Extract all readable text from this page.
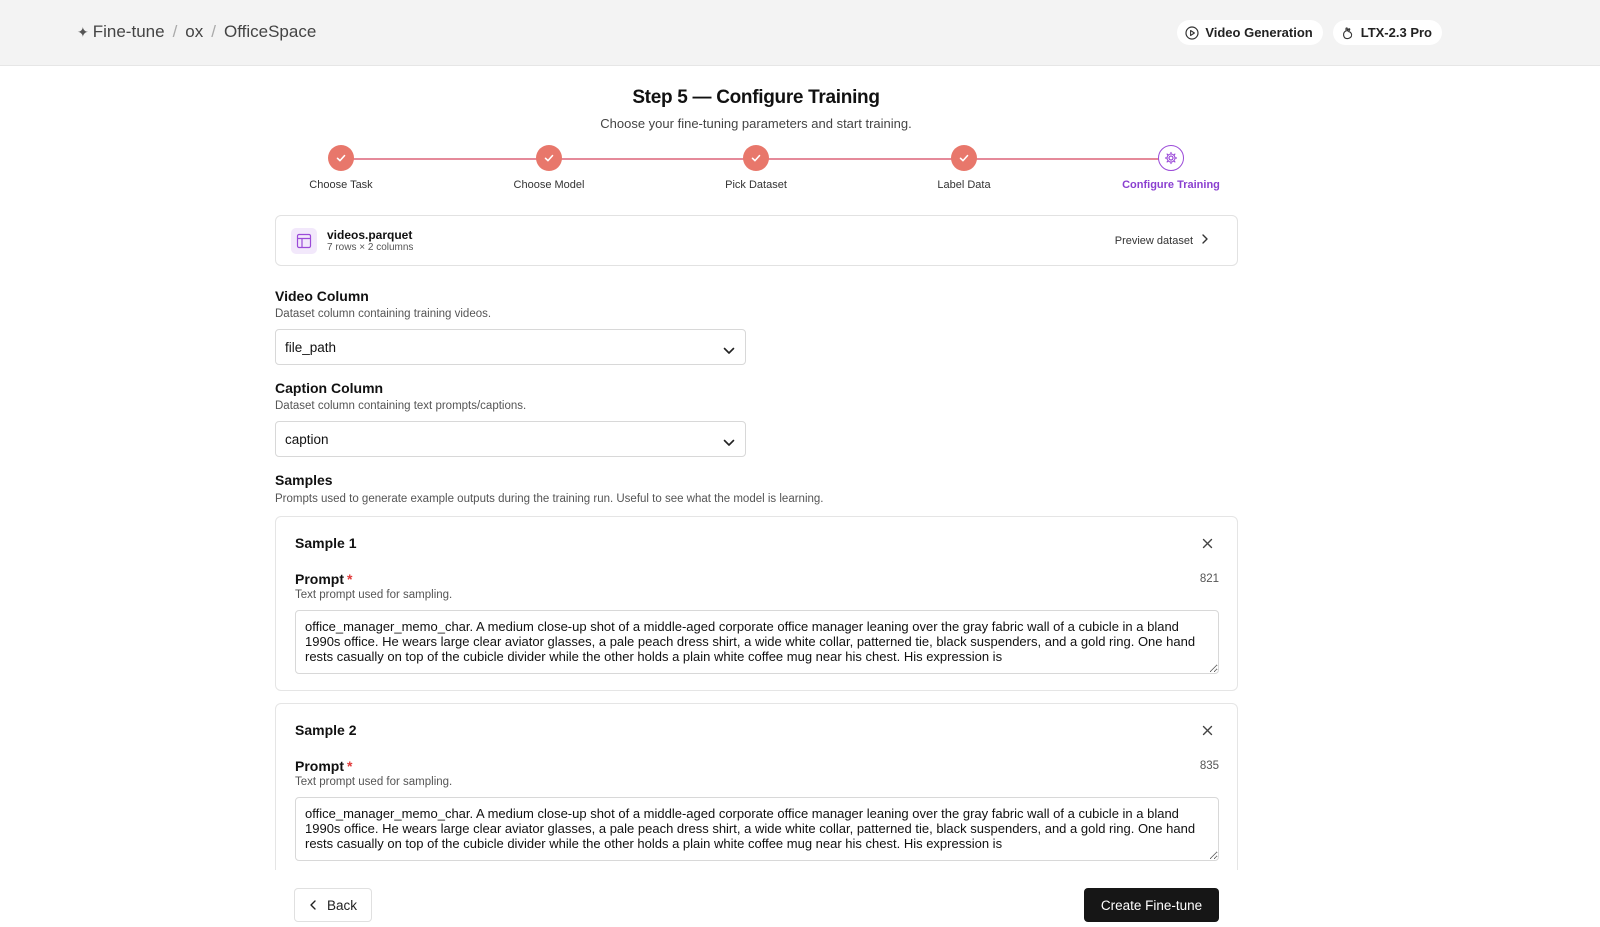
✦ Fine-tune / ox / OfficeSpace	Video Generation	LTX-2.3 Pro
Step 5 — Configure Training

Choose your fine-tuning parameters and start training.

Choose Task	Choose Model	Pick Dataset	Label Data	Configure Training
videos.parquet
7 rows × 2 columns
Preview dataset
Video Column
Dataset column containing training videos.
file_path
Caption Column
Dataset column containing text prompts/captions.
caption
Samples
Prompts used to generate example outputs during the training run. Useful to see what the model is learning.
Sample 1
Prompt *	821
Text prompt used for sampling.
office_manager_memo_char. A medium close-up shot of a middle-aged corporate office manager leaning over the gray fabric wall of a cubicle in a bland 1990s office. He wears large clear aviator glasses, a pale peach dress shirt, a wide white collar, patterned tie, black suspenders, and a gold ring. One hand rests casually on top of the cubicle divider while the other holds a plain white coffee mug near his chest. His expression is
Sample 2
Prompt *	835
Text prompt used for sampling.
office_manager_memo_char. A medium close-up shot of a middle-aged corporate office manager leaning over the gray fabric wall of a cubicle in a bland 1990s office. He wears large clear aviator glasses, a pale peach dress shirt, a wide white collar, patterned tie, black suspenders, and a gold ring. One hand rests casually on top of the cubicle divider while the other holds a plain white coffee mug near his chest. His expression is
Back	Create Fine-tune
